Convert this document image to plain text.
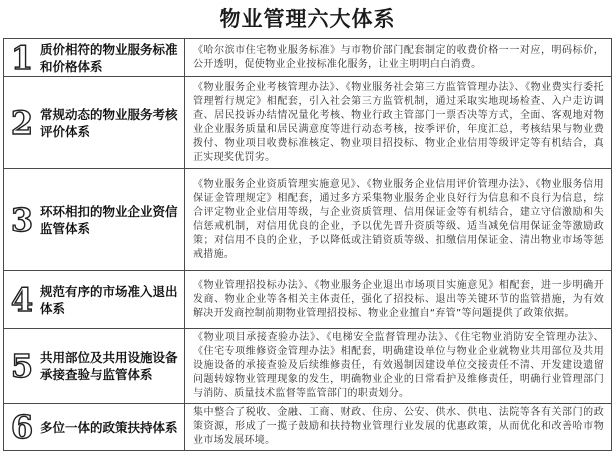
物业管理六大体系
1 质价相符的物业服务标准和价格体系	《哈尔滨市住宅物业服务标准》与市物价部门配套制定的收费价格一一对应，明码标价，公开透明，促使物业企业按标准化服务，让业主明明白白消费。

2 常规动态的物业服务考核评价体系	《物业服务企业考核管理办法》、《物业服务社会第三方监管管理办法》、《物业费实行委托管理暂行规定》相配套，引入社会第三方监管机制，通过采取实地现场检查、入户走访调查、居民投诉办结情况量化考核、物业行政主管部门一票否决等方式，全面、客观地对物业企业服务质量和居民满意度等进行动态考核，按季评价，年度汇总，考核结果与物业费拨付、物业项目收费标准核定、物业项目招投标、物业企业信用等级评定等有机结合，真正实现奖优罚劣。

3 环环相扣的物业企业资信监管体系	《物业服务企业资质管理实施意见》、《物业服务企业信用评价管理办法》、《物业服务信用保证金管理规定》相配套，通过多方采集物业服务企业良好行为信息和不良行为信息，综合评定物业企业信用等级，与企业资质管理、信用保证金等有机结合，建立守信激励和失信惩戒机制，对信用优良的企业，予以优先晋升资质等级、适当减免信用保证金等激励政策；对信用不良的企业，予以降低或注销资质等级、扣缴信用保证金、清出物业市场等惩戒措施。

4 规范有序的市场准入退出体系	《物业管理招投标办法》、《物业服务企业退出市场项目实施意见》相配套，进一步明确开发商、物业企业等各相关主体责任，强化了招投标、退出等关键环节的监管措施，为有效解决开发商控制前期物业管理招投标、物业企业擅自“弃管”等问题提供了政策依据。

5 共用部位及共用设施设备承接查验与监管体系	《物业项目承接查验办法》、《电梯安全监督管理办法》、《住宅物业消防安全管理办法》、《住宅专项维修资金管理办法》相配套，明确建设单位与物业企业就物业共用部位及共用设施设备的承接查验及后续维修责任，有效遏制因建设单位交接责任不清、开发建设遗留问题转嫁物业管理现象的发生，明确物业企业的日常看护及维修责任，明确行业管理部门与消防、质量技术监督等监管部门的职责划分。

6 多位一体的政策扶持体系	集中整合了税收、金融、工商、财政、住房、公安、供水、供电、法院等各有关部门的政策资源，形成了一揽子鼓励和扶持物业管理行业发展的优惠政策，从而优化和改善哈市物业市场发展环境。
